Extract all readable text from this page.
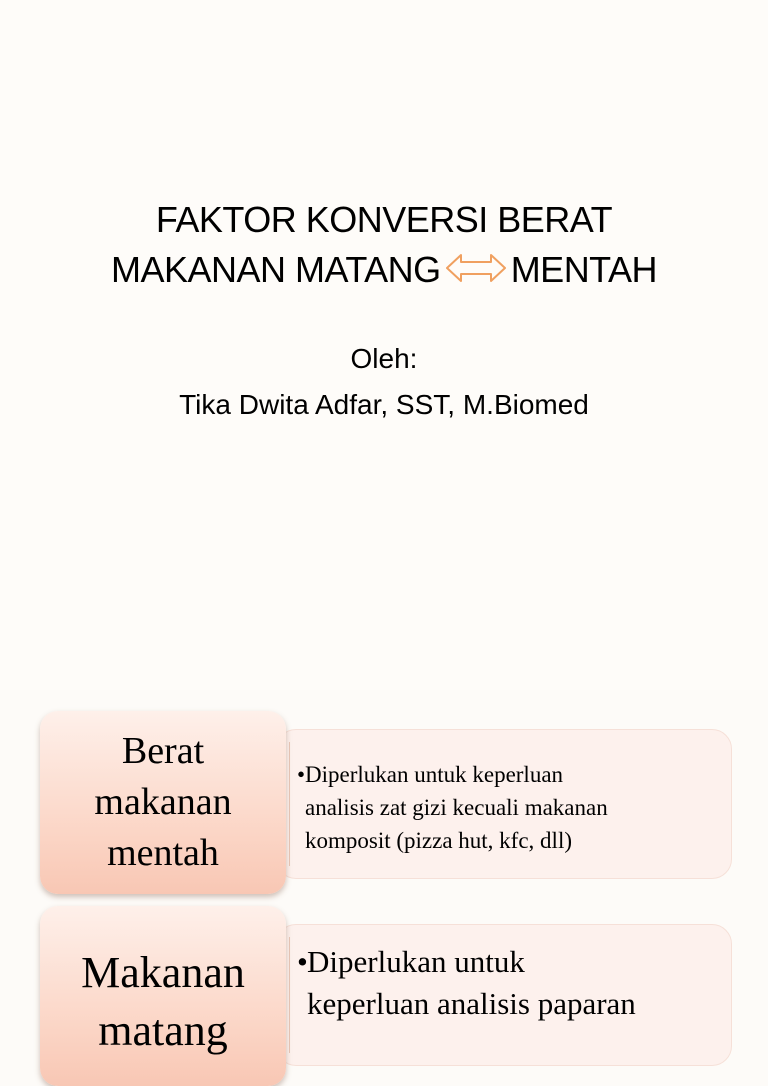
FAKTOR KONVERSI BERAT
MAKANAN MATANG MENTAH
Oleh:
Tika Dwita Adfar, SST, M.Biomed
• Diperlukan untuk keperluan
analisis zat gizi kecuali makanan
komposit (pizza hut, kfc, dll)
Berat
makanan
mentah
• Diperlukan untuk
keperluan analisis paparan
Makanan
matang
